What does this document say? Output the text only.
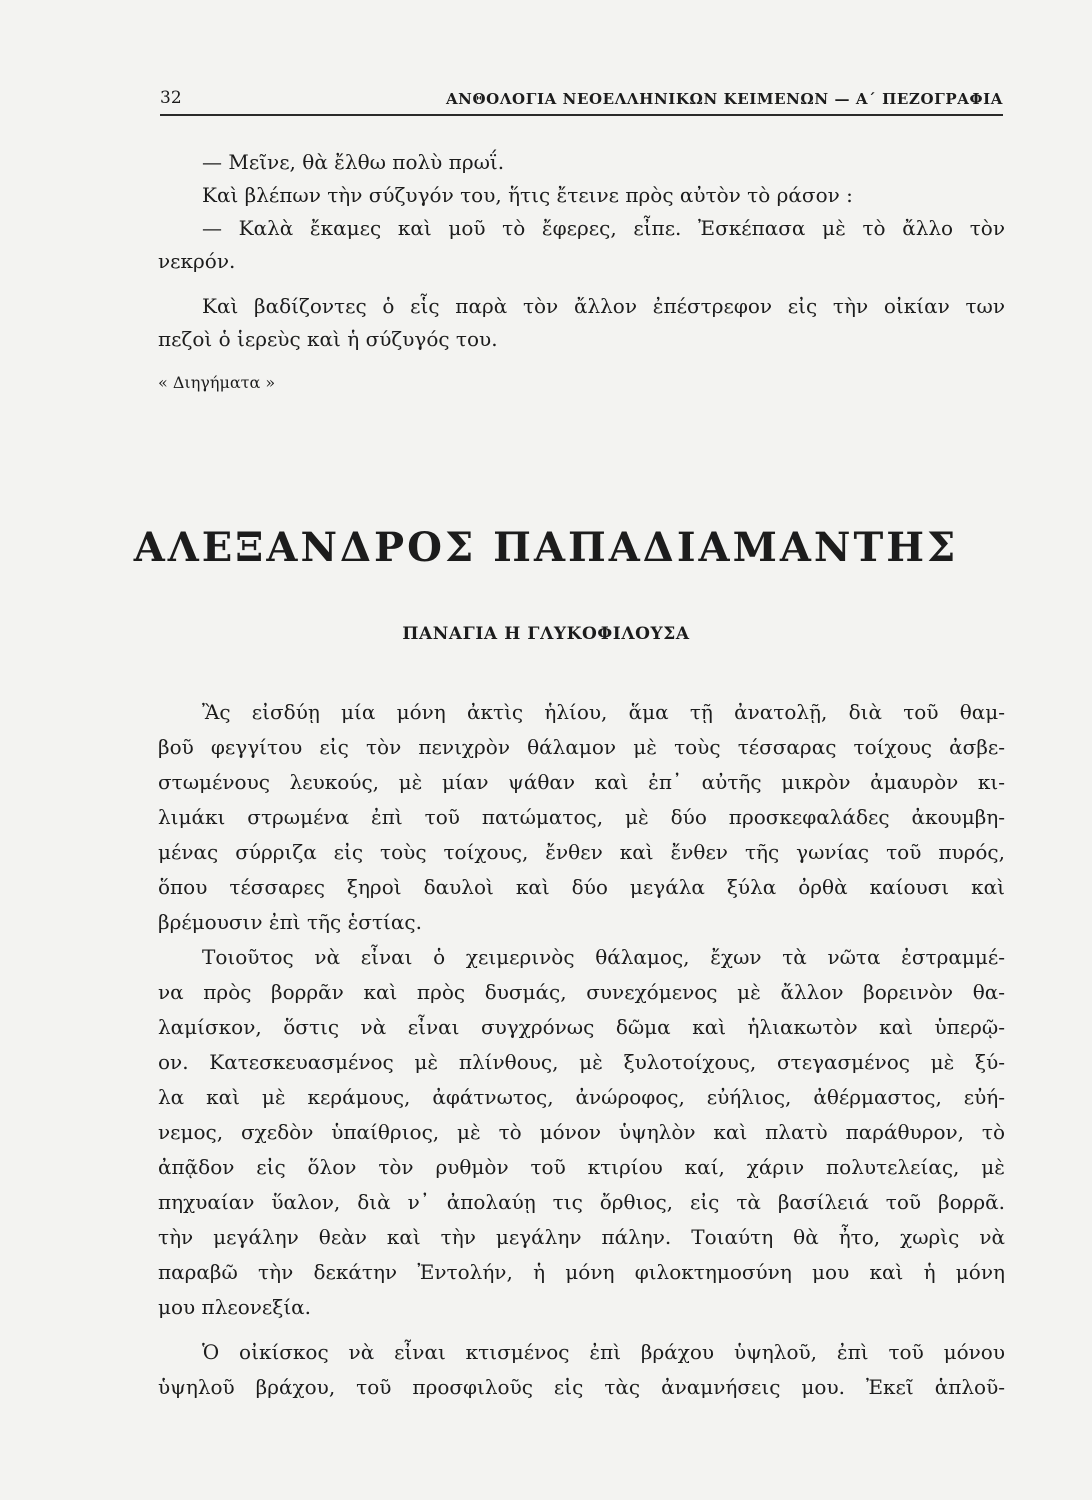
32	ΑΝΘΟΛΟΓΙΑ ΝΕΟΕΛΛΗΝΙΚΩΝ ΚΕΙΜΕΝΩΝ — Α΄ ΠΕΖΟΓΡΑΦΙΑ
— Μεῖνε, θὰ ἔλθω πολὺ πρωΐ.
Καὶ βλέπων τὴν σύζυγόν του, ἥτις ἔτεινε πρὸς αὐτὸν τὸ ράσον :
— Καλὰ ἔκαμες καὶ μοῦ τὸ ἔφερες, εἶπε. Ἐσκέπασα μὲ τὸ ἄλλο τὸν
νεκρόν.
Καὶ βαδίζοντες ὁ εἷς παρὰ τὸν ἄλλον ἐπέστρεφον εἰς τὴν οἰκίαν των
πεζοὶ ὁ ἱερεὺς καὶ ἡ σύζυγός του.
« Διηγήματα »
ΑΛΕΞΑΝΔΡΟΣ ΠΑΠΑΔΙΑΜΑΝΤΗΣ
ΠΑΝΑΓΙΑ Η ΓΛΥΚΟΦΙΛΟΥΣΑ
Ἂς εἰσδύῃ μία μόνη ἀκτὶς ἡλίου, ἅμα τῇ ἀνατολῇ, διὰ τοῦ θαμ-
βοῦ φεγγίτου εἰς τὸν πενιχρὸν θάλαμον μὲ τοὺς τέσσαρας τοίχους ἀσβε-
στωμένους λευκούς, μὲ μίαν ψάθαν καὶ ἐπ᾽ αὐτῆς μικρὸν ἀμαυρὸν κι-
λιμάκι στρωμένα ἐπὶ τοῦ πατώματος, μὲ δύο προσκεφαλάδες ἀκουμβη-
μένας σύρριζα εἰς τοὺς τοίχους, ἔνθεν καὶ ἔνθεν τῆς γωνίας τοῦ πυρός,
ὅπου τέσσαρες ξηροὶ δαυλοὶ καὶ δύο μεγάλα ξύλα ὀρθὰ καίουσι καὶ
βρέμουσιν ἐπὶ τῆς ἑστίας.
Τοιοῦτος νὰ εἶναι ὁ χειμερινὸς θάλαμος, ἔχων τὰ νῶτα ἐστραμμέ-
να πρὸς βορρᾶν καὶ πρὸς δυσμάς, συνεχόμενος μὲ ἄλλον βορεινὸν θα-
λαμίσκον, ὅστις νὰ εἶναι συγχρόνως δῶμα καὶ ἡλιακωτὸν καὶ ὑπερῷ-
ον. Κατεσκευασμένος μὲ πλίνθους, μὲ ξυλοτοίχους, στεγασμένος μὲ ξύ-
λα καὶ μὲ κεράμους, ἀφάτνωτος, ἀνώροφος, εὐήλιος, ἀθέρμαστος, εὐή-
νεμος, σχεδὸν ὑπαίθριος, μὲ τὸ μόνον ὑψηλὸν καὶ πλατὺ παράθυρον, τὸ
ἀπᾷδον εἰς ὅλον τὸν ρυθμὸν τοῦ κτιρίου καί, χάριν πολυτελείας, μὲ
πηχυαίαν ὕαλον, διὰ ν᾽ ἀπολαύῃ τις ὄρθιος, εἰς τὰ βασίλειά τοῦ βορρᾶ.
τὴν μεγάλην θεὰν καὶ τὴν μεγάλην πάλην. Τοιαύτη θὰ ἦτο, χωρὶς νὰ
παραβῶ τὴν δεκάτην Ἐντολήν, ἡ μόνη φιλοκτημοσύνη μου καὶ ἡ μόνη
μου πλεονεξία.
Ὁ οἰκίσκος νὰ εἶναι κτισμένος ἐπὶ βράχου ὑψηλοῦ, ἐπὶ τοῦ μόνου
ὑψηλοῦ βράχου, τοῦ προσφιλοῦς εἰς τὰς ἀναμνήσεις μου. Ἐκεῖ ἁπλοῦ-
